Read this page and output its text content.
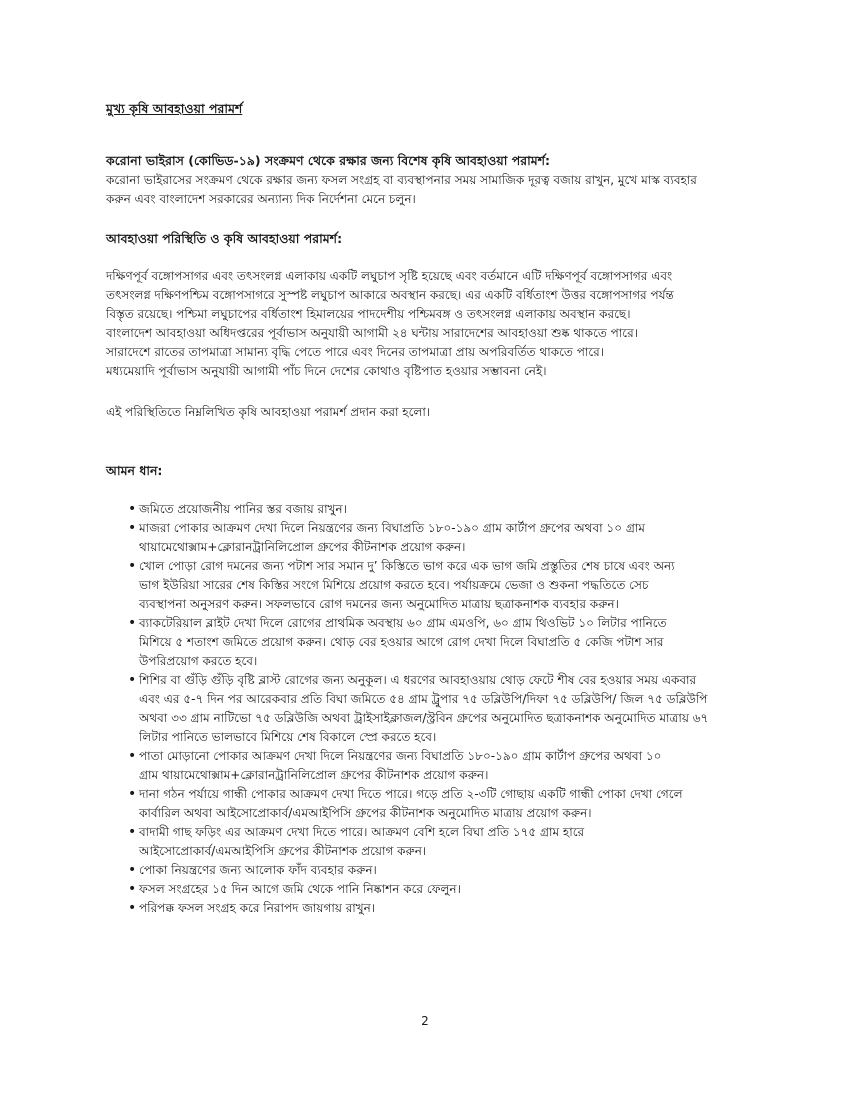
মুখ্য কৃষি আবহাওয়া পরামর্শ

করোনা ভাইরাস (কোভিড-১৯) সংক্রমণ থেকে রক্ষার জন্য বিশেষ কৃষি আবহাওয়া পরামর্শ:

করোনা ভাইরাসের সংক্রমণ থেকে রক্ষার জন্য ফসল সংগ্রহ বা ব্যবস্থাপনার সময় সামাজিক দূরত্ব বজায় রাখুন, মুখে মাস্ক ব্যবহার
করুন এবং বাংলাদেশ সরকারের অন্যান্য দিক নির্দেশনা মেনে চলুন।

আবহাওয়া পরিস্থিতি ও কৃষি আবহাওয়া পরামর্শ:

দক্ষিণপূর্ব বঙ্গোপসাগর এবং তৎসংলগ্ন এলাকায় একটি লঘুচাপ সৃষ্টি হয়েছে এবং বর্তমানে এটি দক্ষিণপূর্ব বঙ্গোপসাগর এবং
তৎসংলগ্ন দক্ষিণপশ্চিম বঙ্গোপসাগরে সুস্পষ্ট লঘুচাপ আকারে অবস্থান করছে। এর একটি বর্ধিতাংশ উত্তর বঙ্গোপসাগর পর্যন্ত
বিস্তৃত রয়েছে। পশ্চিমা লঘুচাপের বর্ধিতাংশ হিমালয়ের পাদদেশীয় পশ্চিমবঙ্গ ও তৎসংলগ্ন এলাকায় অবস্থান করছে।
বাংলাদেশ আবহাওয়া অধিদপ্তরের পূর্বাভাস অনুযায়ী আগামী ২৪ ঘন্টায় সারাদেশের আবহাওয়া শুষ্ক থাকতে পারে।
সারাদেশে রাতের তাপমাত্রা সামান্য বৃদ্ধি পেতে পারে এবং দিনের তাপমাত্রা প্রায় অপরিবর্তিত থাকতে পারে।
মধ্যমেয়াদি পূর্বাভাস অনুযায়ী আগামী পাঁচ দিনে দেশের কোথাও বৃষ্টিপাত হওয়ার সম্ভাবনা নেই।

এই পরিস্থিতিতে নিম্নলিখিত কৃষি আবহাওয়া পরামর্শ প্রদান করা হলো।

আমন ধান:

• জমিতে প্রয়োজনীয় পানির স্তর বজায় রাখুন।
• মাজরা পোকার আক্রমণ দেখা দিলে নিয়ন্ত্রণের জন্য বিঘাপ্রতি ১৮০-১৯০ গ্রাম কার্টাপ গ্রুপের অথবা ১০ গ্রাম
থায়ামেথোক্সাম+ক্লোরানট্রানিলিপ্রোল গ্রুপের কীটনাশক প্রয়োগ করুন।
• খোল পোড়া রোগ দমনের জন্য পটাশ সার সমান দু’ কিস্তিতে ভাগ করে এক ভাগ জমি প্রস্তুতির শেষ চাষে এবং অন্য
ভাগ ইউরিয়া সারের শেষ কিস্তির সংগে মিশিয়ে প্রয়োগ করতে হবে। পর্যায়ক্রমে ভেজা ও শুকনা পদ্ধতিতে সেচ
ব্যবস্থাপনা অনুসরণ করুন। সফলভাবে রোগ দমনের জন্য অনুমোদিত মাত্রায় ছত্রাকনাশক ব্যবহার করুন।
• ব্যাকটেরিয়াল ব্লাইট দেখা দিলে রোগের প্রাথমিক অবস্থায় ৬০ গ্রাম এমওপি, ৬০ গ্রাম থিওভিট ১০ লিটার পানিতে
মিশিয়ে ৫ শতাংশ জমিতে প্রয়োগ করুন। থোড় বের হওয়ার আগে রোগ দেখা দিলে বিঘাপ্রতি ৫ কেজি পটাশ সার
উপরিপ্রয়োগ করতে হবে।
• শিশির বা গুঁড়ি গুঁড়ি বৃষ্টি ব্লাস্ট রোগের জন্য অনুকূল। এ ধরণের আবহাওয়ায় থোড় ফেটে শীষ বের হওয়ার সময় একবার
এবং এর ৫-৭ দিন পর আরেকবার প্রতি বিঘা জমিতে ৫৪ গ্রাম ট্রুপার ৭৫ ডব্লিউপি/দিফা ৭৫ ডব্লিউপি/ জিল ৭৫ ডব্লিউপি
অথবা ৩৩ গ্রাম নাটিভো ৭৫ ডব্লিউজি অথবা ট্রাইসাইক্লাজল/স্ট্রবিন গ্রুপের অনুমোদিত ছত্রাকনাশক অনুমোদিত মাত্রায় ৬৭
লিটার পানিতে ভালভাবে মিশিয়ে শেষ বিকালে স্প্রে করতে হবে।
• পাতা মোড়ানো পোকার আক্রমণ দেখা দিলে নিয়ন্ত্রণের জন্য বিঘাপ্রতি ১৮০-১৯০ গ্রাম কার্টাপ গ্রুপের অথবা ১০
গ্রাম থায়ামেথোক্সাম+ক্লোরানট্রানিলিপ্রোল গ্রুপের কীটনাশক প্রয়োগ করুন।
• দানা গঠন পর্যায়ে গান্ধী পোকার আক্রমণ দেখা দিতে পারে। গড়ে প্রতি ২-৩টি গোছায় একটি গান্ধী পোকা দেখা গেলে
কার্বারিল অথবা আইসোপ্রোকার্ব/এমআইপিসি গ্রুপের কীটনাশক অনুমোদিত মাত্রায় প্রয়োগ করুন।
• বাদামী গাছ ফড়িং এর আক্রমণ দেখা দিতে পারে। আক্রমণ বেশি হলে বিঘা প্রতি ১৭৫ গ্রাম হারে
আইসোপ্রোকার্ব/এমআইপিসি গ্রুপের কীটনাশক প্রয়োগ করুন।
• পোকা নিয়ন্ত্রণের জন্য আলোক ফাঁদ ব্যবহার করুন।
• ফসল সংগ্রহের ১৫ দিন আগে জমি থেকে পানি নিষ্কাশন করে ফেলুন।
• পরিপক্ক ফসল সংগ্রহ করে নিরাপদ জায়গায় রাখুন।
2
